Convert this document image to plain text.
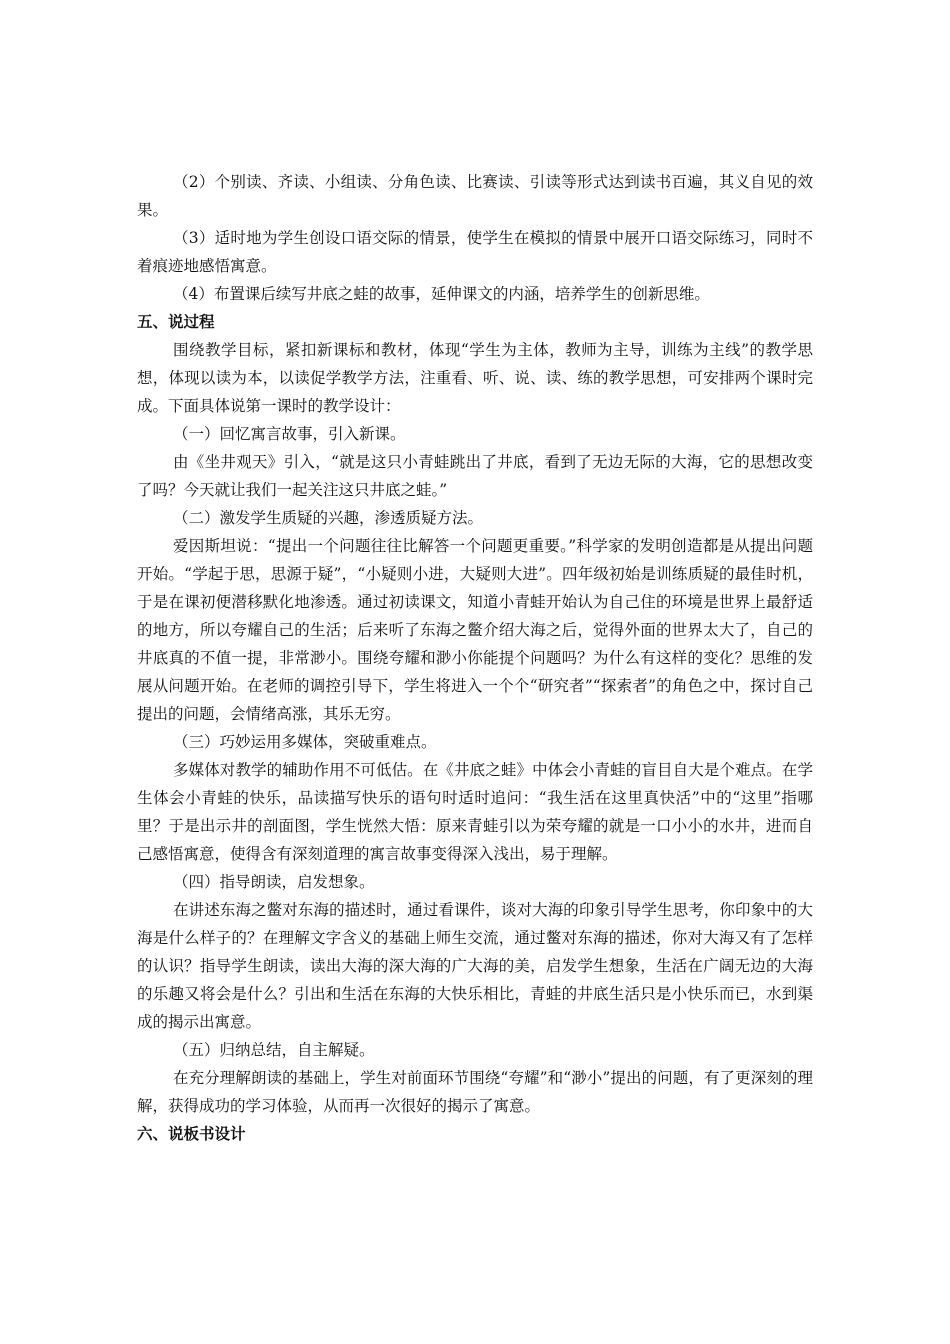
（2）个别读、齐读、小组读、分角色读、比赛读、引读等形式达到读书百遍，其义自见的效果。

（3）适时地为学生创设口语交际的情景，使学生在模拟的情景中展开口语交际练习，同时不着痕迹地感悟寓意。

（4）布置课后续写井底之蛙的故事，延伸课文的内涵，培养学生的创新思维。

五、说过程

围绕教学目标，紧扣新课标和教材，体现“学生为主体，教师为主导，训练为主线”的教学思想，体现以读为本，以读促学教学方法，注重看、听、说、读、练的教学思想，可安排两个课时完成。下面具体说第一课时的教学设计：

（一）回忆寓言故事，引入新课。

由《坐井观天》引入，“就是这只小青蛙跳出了井底，看到了无边无际的大海，它的思想改变了吗？今天就让我们一起关注这只井底之蛙。”

（二）激发学生质疑的兴趣，渗透质疑方法。

爱因斯坦说：“提出一个问题往往比解答一个问题更重要。”科学家的发明创造都是从提出问题开始。“学起于思，思源于疑”，“小疑则小进，大疑则大进”。四年级初始是训练质疑的最佳时机，于是在课初便潜移默化地渗透。通过初读课文，知道小青蛙开始认为自己住的环境是世界上最舒适的地方，所以夸耀自己的生活；后来听了东海之鳖介绍大海之后，觉得外面的世界太大了，自己的井底真的不值一提，非常渺小。围绕夸耀和渺小你能提个问题吗？为什么有这样的变化？思维的发展从问题开始。在老师的调控引导下，学生将进入一个个“研究者”“探索者”的角色之中，探讨自己提出的问题，会情绪高涨，其乐无穷。

（三）巧妙运用多媒体，突破重难点。

多媒体对教学的辅助作用不可低估。在《井底之蛙》中体会小青蛙的盲目自大是个难点。在学生体会小青蛙的快乐，品读描写快乐的语句时适时追问：“我生活在这里真快活”中的“这里”指哪里？于是出示井的剖面图，学生恍然大悟：原来青蛙引以为荣夸耀的就是一口小小的水井，进而自己感悟寓意，使得含有深刻道理的寓言故事变得深入浅出，易于理解。

（四）指导朗读，启发想象。

在讲述东海之鳖对东海的描述时，通过看课件，谈对大海的印象引导学生思考，你印象中的大海是什么样子的？在理解文字含义的基础上师生交流，通过鳖对东海的描述，你对大海又有了怎样的认识？指导学生朗读，读出大海的深大海的广大海的美，启发学生想象，生活在广阔无边的大海的乐趣又将会是什么？引出和生活在东海的大快乐相比，青蛙的井底生活只是小快乐而已，水到渠成的揭示出寓意。

（五）归纳总结，自主解疑。

在充分理解朗读的基础上，学生对前面环节围绕“夸耀”和“渺小”提出的问题，有了更深刻的理解，获得成功的学习体验，从而再一次很好的揭示了寓意。

六、说板书设计
